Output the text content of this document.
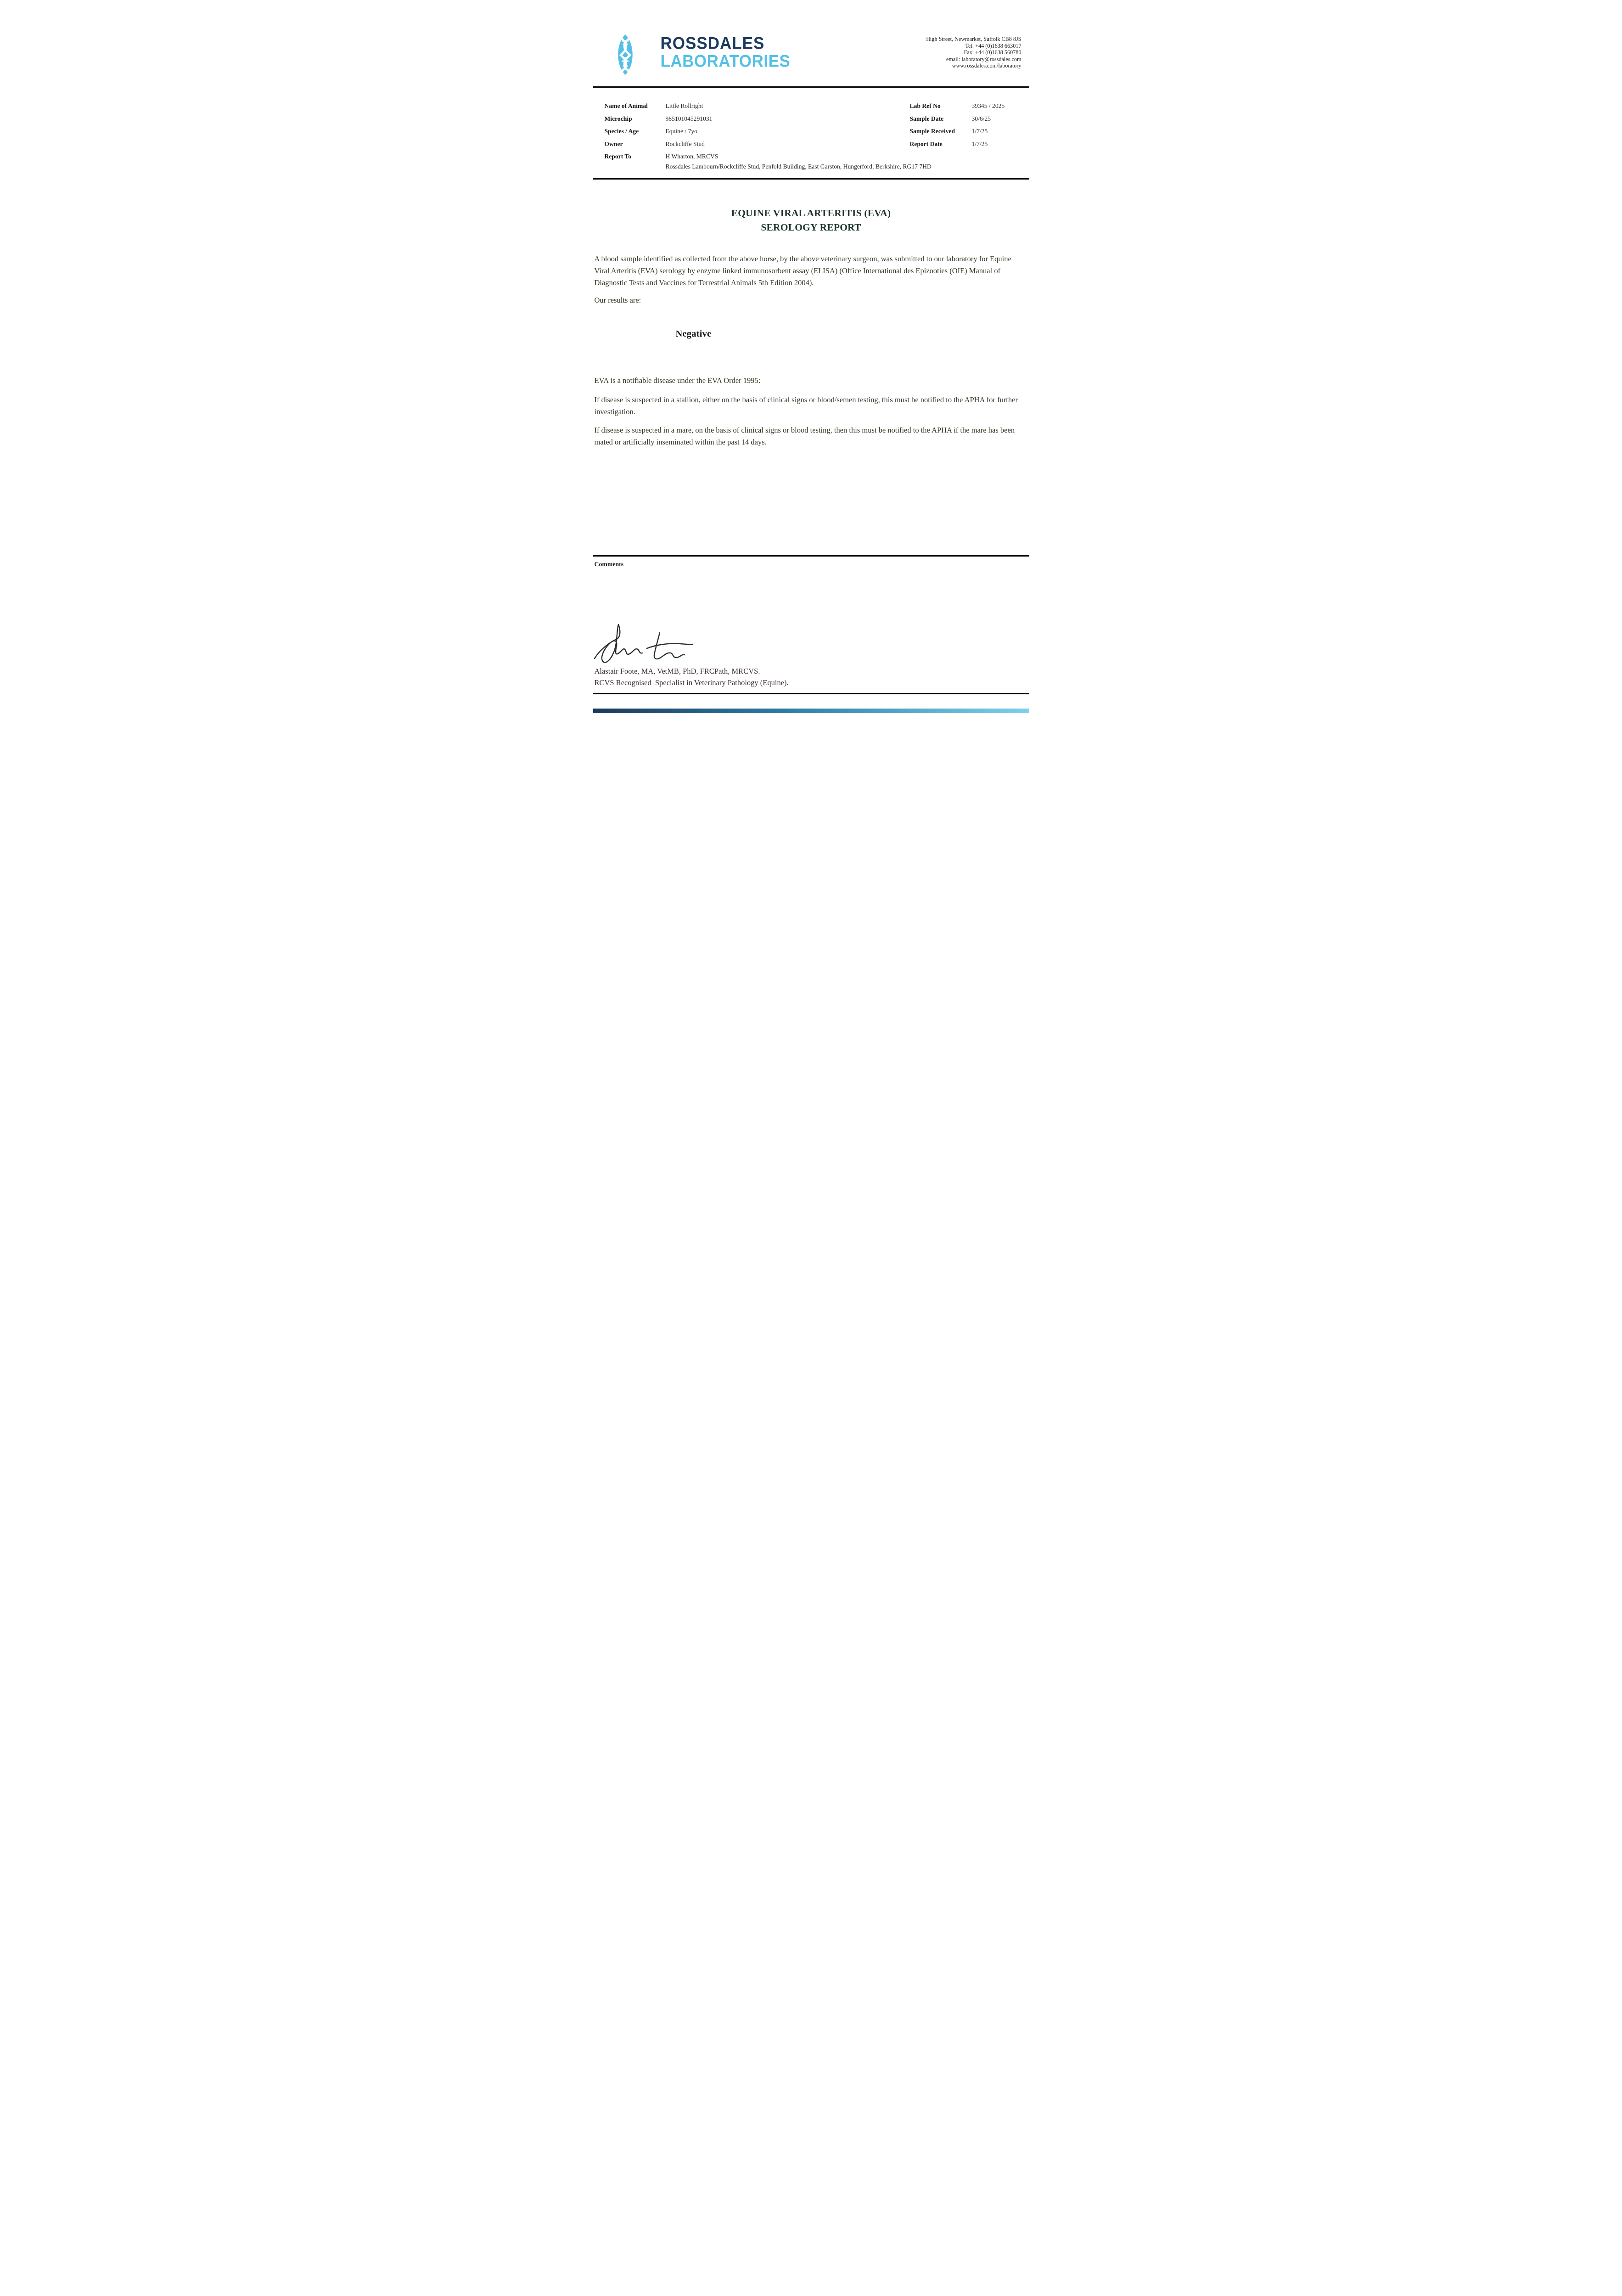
ROSSDALES
LABORATORIES
High Street, Newmarket, Suffolk CB8 8JS
Tel: +44 (0)1638 663017
Fax: +44 (0)1638 560780
email: laboratory@rossdales.com
www.rossdales.com/laboratory
Name of Animal
Microchip
Species / Age
Owner
Report To
Little Rollright
985101045291031
Equine / 7yo
Rockcliffe Stud
H Wharton, MRCVS
Lab Ref No
Sample Date
Sample Received
Report Date
39345 / 2025
30/6/25
1/7/25
1/7/25
Rossdales Lambourn/Rockcliffe Stud, Penfold Building, East Garston, Hungerford, Berkshire, RG17 7HD
EQUINE VIRAL ARTERITIS (EVA)
SEROLOGY REPORT
A blood sample identified as collected from the above horse, by the above veterinary surgeon, was submitted to our laboratory for Equine Viral Arteritis (EVA) serology by enzyme linked immunosorbent assay (ELISA) (Office International des Epizooties (OIE) Manual of Diagnostic Tests and Vaccines for Terrestrial Animals 5th Edition 2004).
Our results are:
Negative
EVA is a notifiable disease under the EVA Order 1995:
If disease is suspected in a stallion, either on the basis of clinical signs or blood/semen testing, this must be notified to the APHA for further investigation.
If disease is suspected in a mare, on the basis of clinical signs or blood testing, then this must be notified to the APHA if the mare has been mated or artificially inseminated within the past 14 days.
Comments
Alastair Foote, MA, VetMB, PhD, FRCPath, MRCVS.
RCVS Recognised  Specialist in Veterinary Pathology (Equine).
